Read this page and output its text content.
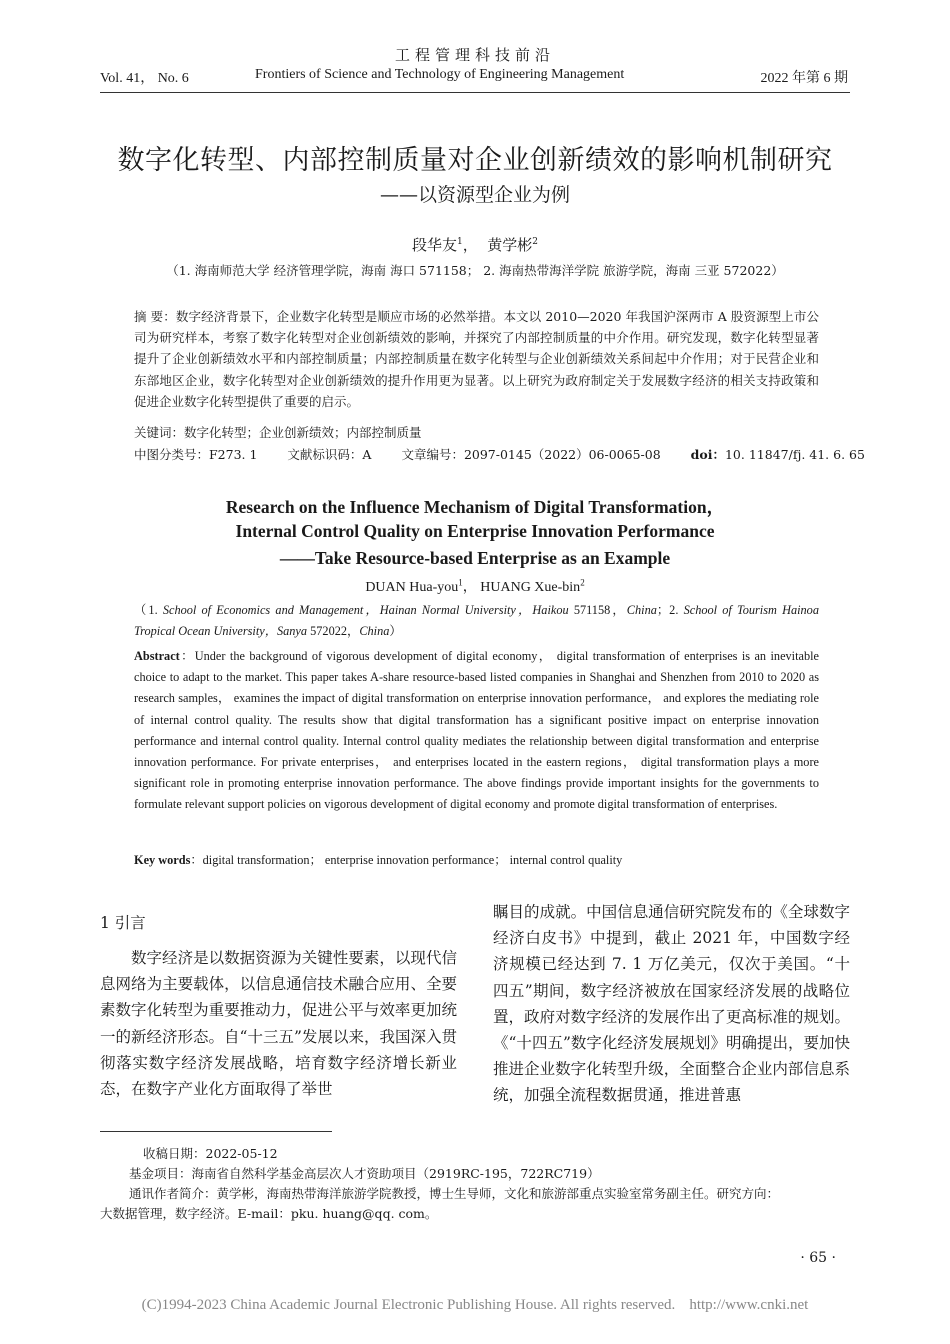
工程管理科技前沿
Vol. 41， No. 6	Frontiers of Science and Technology of Engineering Management	2022 年第 6 期
数字化转型、内部控制质量对企业创新绩效的影响机制研究
——以资源型企业为例
段华友$^1$， 黄学彬$^2$
（1. 海南师范大学 经济管理学院，海南 海口 571158； 2. 海南热带海洋学院 旅游学院，海南 三亚 572022）
摘 要：数字经济背景下，企业数字化转型是顺应市场的必然举措。本文以 2010—2020 年我国沪深两市 A 股资源型上市公司为研究样本，考察了数字化转型对企业创新绩效的影响，并探究了内部控制质量的中介作用。研究发现，数字化转型显著提升了企业创新绩效水平和内部控制质量；内部控制质量在数字化转型与企业创新绩效关系间起中介作用；对于民营企业和东部地区企业，数字化转型对企业创新绩效的提升作用更为显著。以上研究为政府制定关于发展数字经济的相关支持政策和促进企业数字化转型提供了重要的启示。
关键词：数字化转型；企业创新绩效；内部控制质量
中图分类号：F273. 1 文献标识码：A 文章编号：2097-0145（2022）06-0065-08 doi：10. 11847/fj. 41. 6. 65
Research on the Influence Mechanism of Digital Transformation，
Internal Control Quality on Enterprise Innovation Performance
——Take Resource-based Enterprise as an Example
DUAN Hua-you$^1$， HUANG Xue-bin$^2$
（1. School of Economics and Management，Hainan Normal University，Haikou 571158，China；2. School of Tourism Hainoa Tropical Ocean University，Sanya 572022，China）
Abstract：Under the background of vigorous development of digital economy， digital transformation of enterprises is an inevitable choice to adapt to the market. This paper takes A-share resource-based listed companies in Shanghai and Shenzhen from 2010 to 2020 as research samples， examines the impact of digital transformation on enterprise innovation performance， and explores the mediating role of internal control quality. The results show that digital transformation has a significant positive impact on enterprise innovation performance and internal control quality. Internal control quality mediates the relationship between digital transformation and enterprise innovation performance. For private enterprises， and enterprises located in the eastern regions， digital transformation plays a more significant role in promoting enterprise innovation performance. The above findings provide important insights for the governments to formulate relevant support policies on vigorous development of digital economy and promote digital transformation of enterprises.
Key words：digital transformation； enterprise innovation performance； internal control quality
1 引言
数字经济是以数据资源为关键性要素，以现代信息网络为主要载体，以信息通信技术融合应用、全要素数字化转型为重要推动力，促进公平与效率更加统一的新经济形态。自“十三五”发展以来，我国深入贯彻落实数字经济发展战略，培育数字经济增长新业态，在数字产业化方面取得了举世
瞩目的成就。中国信息通信研究院发布的《全球数字经济白皮书》中提到，截止 2021 年，中国数字经济规模已经达到 7. 1 万亿美元，仅次于美国。“十四五”期间，数字经济被放在国家经济发展的战略位置，政府对数字经济的发展作出了更高标准的规划。《“十四五”数字化经济发展规划》明确提出，要加快推进企业数字化转型升级，全面整合企业内部信息系统，加强全流程数据贯通，推进普惠
收稿日期：2022-05-12
基金项目：海南省自然科学基金高层次人才资助项目（2919RC-195，722RC719）
通讯作者简介：黄学彬，海南热带海洋旅游学院教授，博士生导师，文化和旅游部重点实验室常务副主任。研究方向：
大数据管理，数字经济。E-mail：pku. huang@qq. com。
· 65 ·
(C)1994-2023 China Academic Journal Electronic Publishing House. All rights reserved. http://www.cnki.net
